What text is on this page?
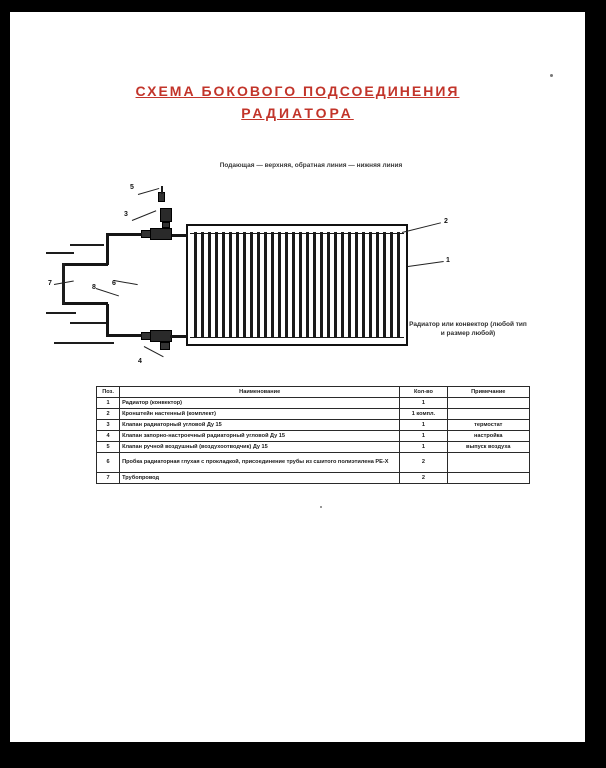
СХЕМА БОКОВОГО ПОДСОЕДИНЕНИЯ
РАДИАТОРА
Подающая — верхняя, обратная линия — нижняя линия
1
2
3
4
5
6
7
8
Радиатор или конвектор (любой тип и размер любой)
Поз.	Наименование	Кол-во	Примечание
1	Радиатор (конвектор)	1	
2	Кронштейн настенный (комплект)	1 компл.	
3	Клапан радиаторный угловой Ду 15	1	термостат
4	Клапан запорно-настроечный радиаторный угловой Ду 15	1	настройка
5	Клапан ручной воздушный (воздухоотводчик) Ду 15	1	выпуск воздуха
6	Пробка радиаторная глухая с прокладкой, присоединение трубы из сшитого полиэтилена PE-X	2	
7	Трубопровод	2	
